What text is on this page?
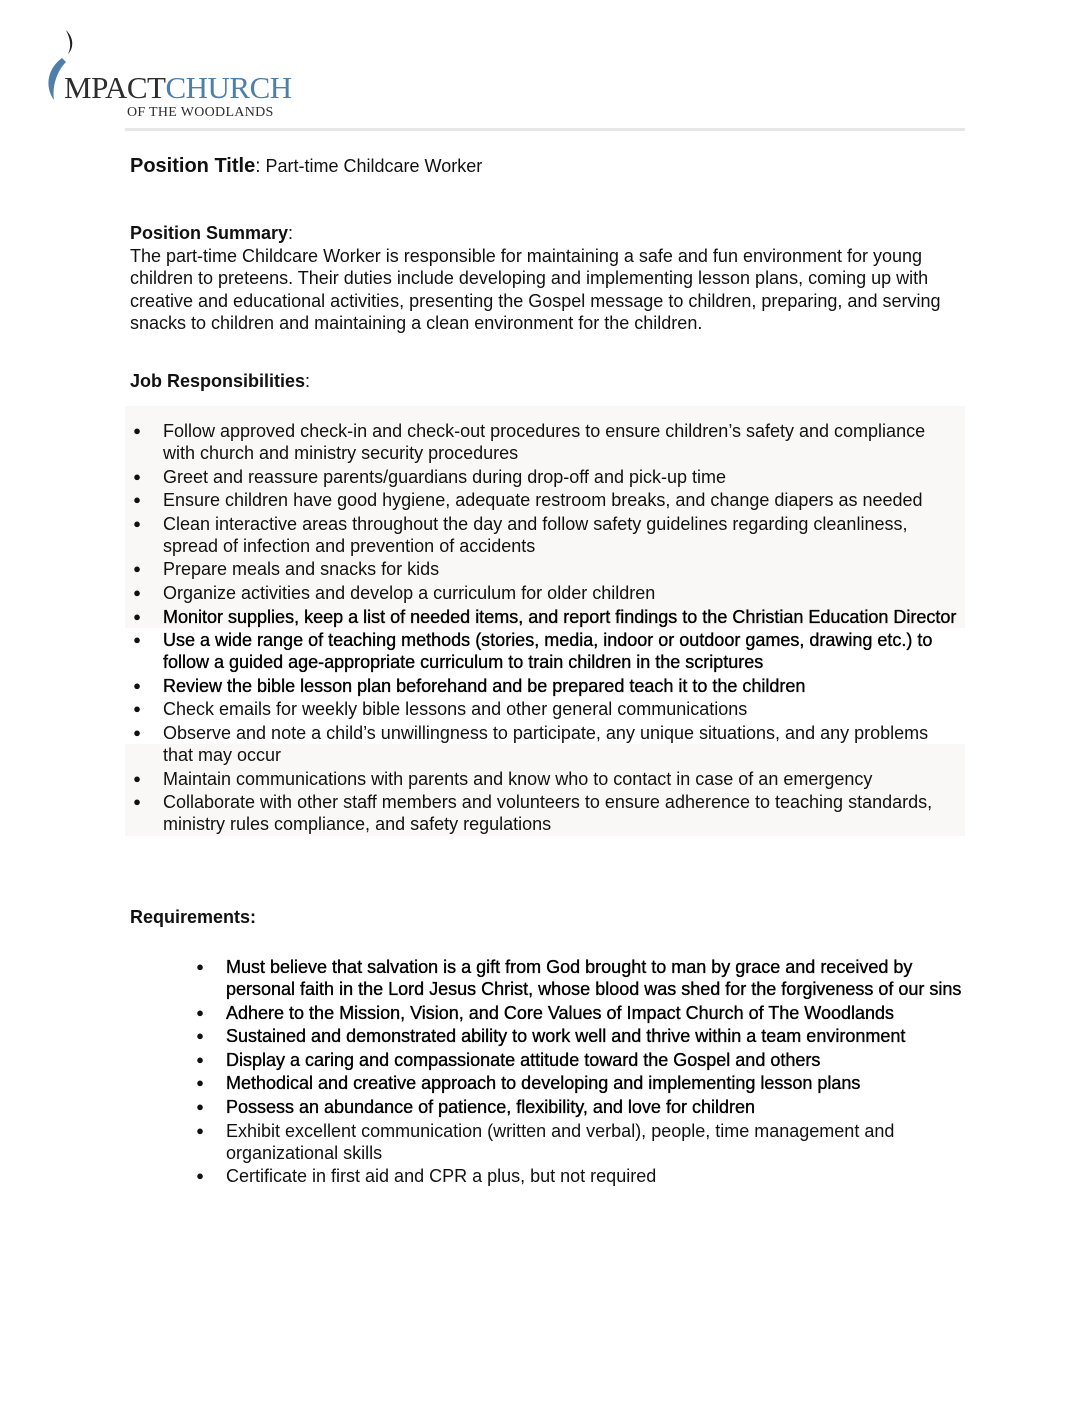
MPACTCHURCH
OF THE WOODLANDS
Position Title: Part-time Childcare Worker

Position Summary:

The part-time Childcare Worker is responsible for maintaining a safe and fun environment for young children to preteens. Their duties include developing and implementing lesson plans, coming up with creative and educational activities, presenting the Gospel message to children, preparing, and serving snacks to children and maintaining a clean environment for the children.

Job Responsibilities:
● Follow approved check-in and check-out procedures to ensure children’s safety and compliance with church and ministry security procedures
● Greet and reassure parents/guardians during drop-off and pick-up time
● Ensure children have good hygiene, adequate restroom breaks, and change diapers as needed
● Clean interactive areas throughout the day and follow safety guidelines regarding cleanliness, spread of infection and prevention of accidents
● Prepare meals and snacks for kids
● Organize activities and develop a curriculum for older children
● Monitor supplies, keep a list of needed items, and report findings to the Christian Education Director
● Use a wide range of teaching methods (stories, media, indoor or outdoor games, drawing etc.) to follow a guided age-appropriate curriculum to train children in the scriptures
● Review the bible lesson plan beforehand and be prepared teach it to the children
● Check emails for weekly bible lessons and other general communications
● Observe and note a child’s unwillingness to participate, any unique situations, and any problems that may occur
● Maintain communications with parents and know who to contact in case of an emergency
● Collaborate with other staff members and volunteers to ensure adherence to teaching standards, ministry rules compliance, and safety regulations
Requirements:
● Must believe that salvation is a gift from God brought to man by grace and received by personal faith in the Lord Jesus Christ, whose blood was shed for the forgiveness of our sins
● Adhere to the Mission, Vision, and Core Values of Impact Church of The Woodlands
● Sustained and demonstrated ability to work well and thrive within a team environment
● Display a caring and compassionate attitude toward the Gospel and others
● Methodical and creative approach to developing and implementing lesson plans
● Possess an abundance of patience, flexibility, and love for children
● Exhibit excellent communication (written and verbal), people, time management and organizational skills
● Certificate in first aid and CPR a plus, but not required
